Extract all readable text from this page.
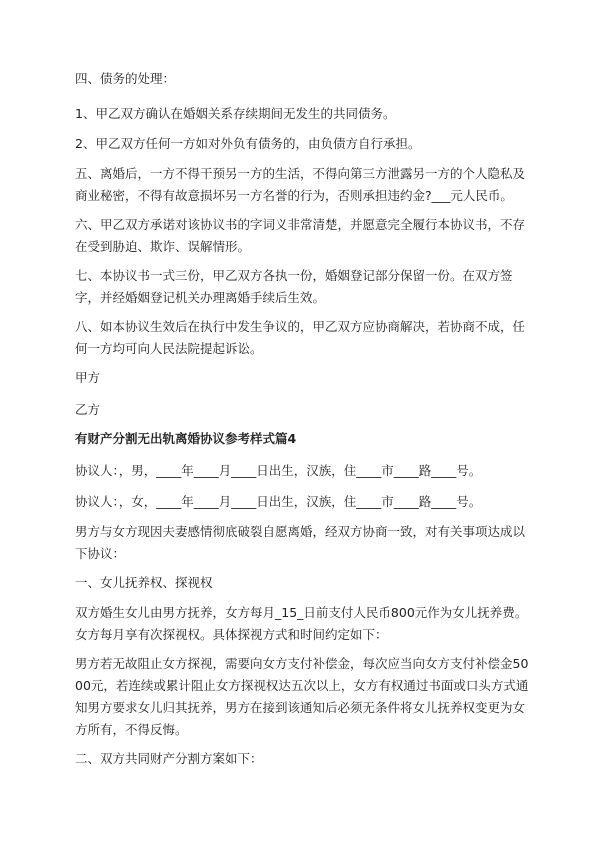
四、债务的处理：

1、甲乙双方确认在婚姻关系存续期间无发生的共同债务。

2、甲乙双方任何一方如对外负有债务的，由负债方自行承担。

五、离婚后，一方不得干预另一方的生活，不得向第三方泄露另一方的个人隐私及商业秘密，不得有故意损坏另一方名誉的行为，否则承担违约金?___元人民币。

六、甲乙双方承诺对该协议书的字词义非常清楚，并愿意完全履行本协议书，不存在受到胁迫、欺诈、误解情形。

七、本协议书一式三份，甲乙双方各执一份，婚姻登记部分保留一份。在双方签字，并经婚姻登记机关办理离婚手续后生效。

八、如本协议生效后在执行中发生争议的，甲乙双方应协商解决，若协商不成，任何一方均可向人民法院提起诉讼。

甲方

乙方

有财产分割无出轨离婚协议参考样式篇4

协议人：，男，____年____月____日出生，汉族，住____市____路____号。

协议人：，女，____年____月____日出生，汉族，住____市____路____号。

男方与女方现因夫妻感情彻底破裂自愿离婚，经双方协商一致，对有关事项达成以下协议：

一、女儿抚养权、探视权

双方婚生女儿由男方抚养，女方每月_15_日前支付人民币800元作为女儿抚养费。女方每月享有次探视权。具体探视方式和时间约定如下：

男方若无故阻止女方探视，需要向女方支付补偿金，每次应当向女方支付补偿金5000元，若连续或累计阻止女方探视权达五次以上，女方有权通过书面或口头方式通知男方要求女儿归其抚养，男方在接到该通知后必须无条件将女儿抚养权变更为女方所有，不得反悔。

二、双方共同财产分割方案如下：
